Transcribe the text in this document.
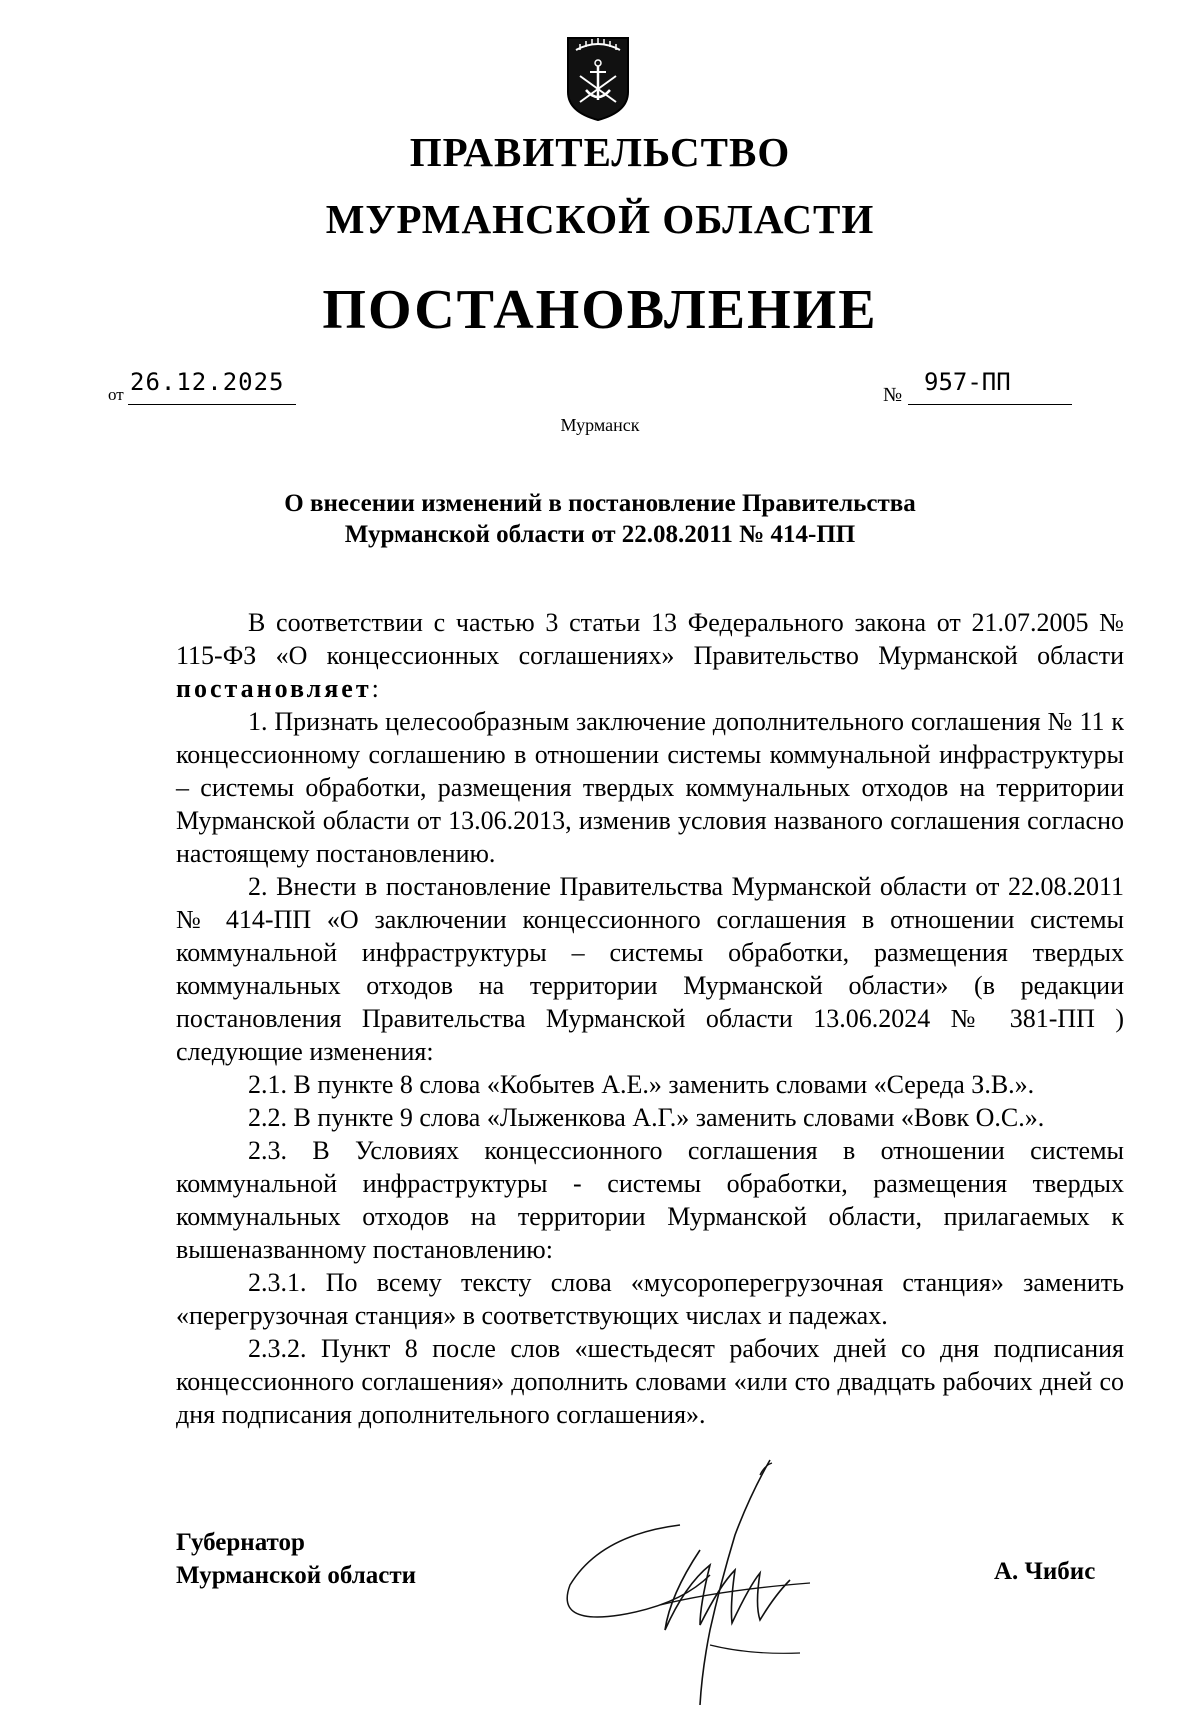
ПРАВИТЕЛЬСТВО
МУРМАНСКОЙ ОБЛАСТИ
ПОСТАНОВЛЕНИЕ
от 26.12.2025	№ 957-ПП
Мурманск
О внесении изменений в постановление Правительства
Мурманской области от 22.08.2011 № 414-ПП

В соответствии с частью 3 статьи 13 Федерального закона от 21.07.2005 № 115-ФЗ «О концессионных соглашениях» Правительство Мурманской области постановляет:

1. Признать целесообразным заключение дополнительного соглашения № 11 к концессионному соглашению в отношении системы коммунальной инфраструктуры – системы обработки, размещения твердых коммунальных отходов на территории Мурманской области от 13.06.2013, изменив условия названого соглашения согласно настоящему постановлению.

2. Внести в постановление Правительства Мурманской области от 22.08.2011 № 414-ПП «О заключении концессионного соглашения в отношении системы коммунальной инфраструктуры – системы обработки, размещения твердых коммунальных отходов на территории Мурманской области» (в редакции постановления Правительства Мурманской области 13.06.2024 № 381-ПП ) следующие изменения:

2.1. В пункте 8 слова «Кобытев А.Е.» заменить словами «Середа З.В.».

2.2. В пункте 9 слова «Лыженкова А.Г.» заменить словами «Вовк О.С.».

2.3. В Условиях концессионного соглашения в отношении системы коммунальной инфраструктуры - системы обработки, размещения твердых коммунальных отходов на территории Мурманской области, прилагаемых к вышеназванному постановлению:

2.3.1. По всему тексту слова «мусороперегрузочная станция» заменить «перегрузочная станция» в соответствующих числах и падежах.

2.3.2. Пункт 8 после слов «шестьдесят рабочих дней со дня подписания концессионного соглашения» дополнить словами «или сто двадцать рабочих дней со дня подписания дополнительного соглашения».

Губернатор
Мурманской области	А. Чибис
